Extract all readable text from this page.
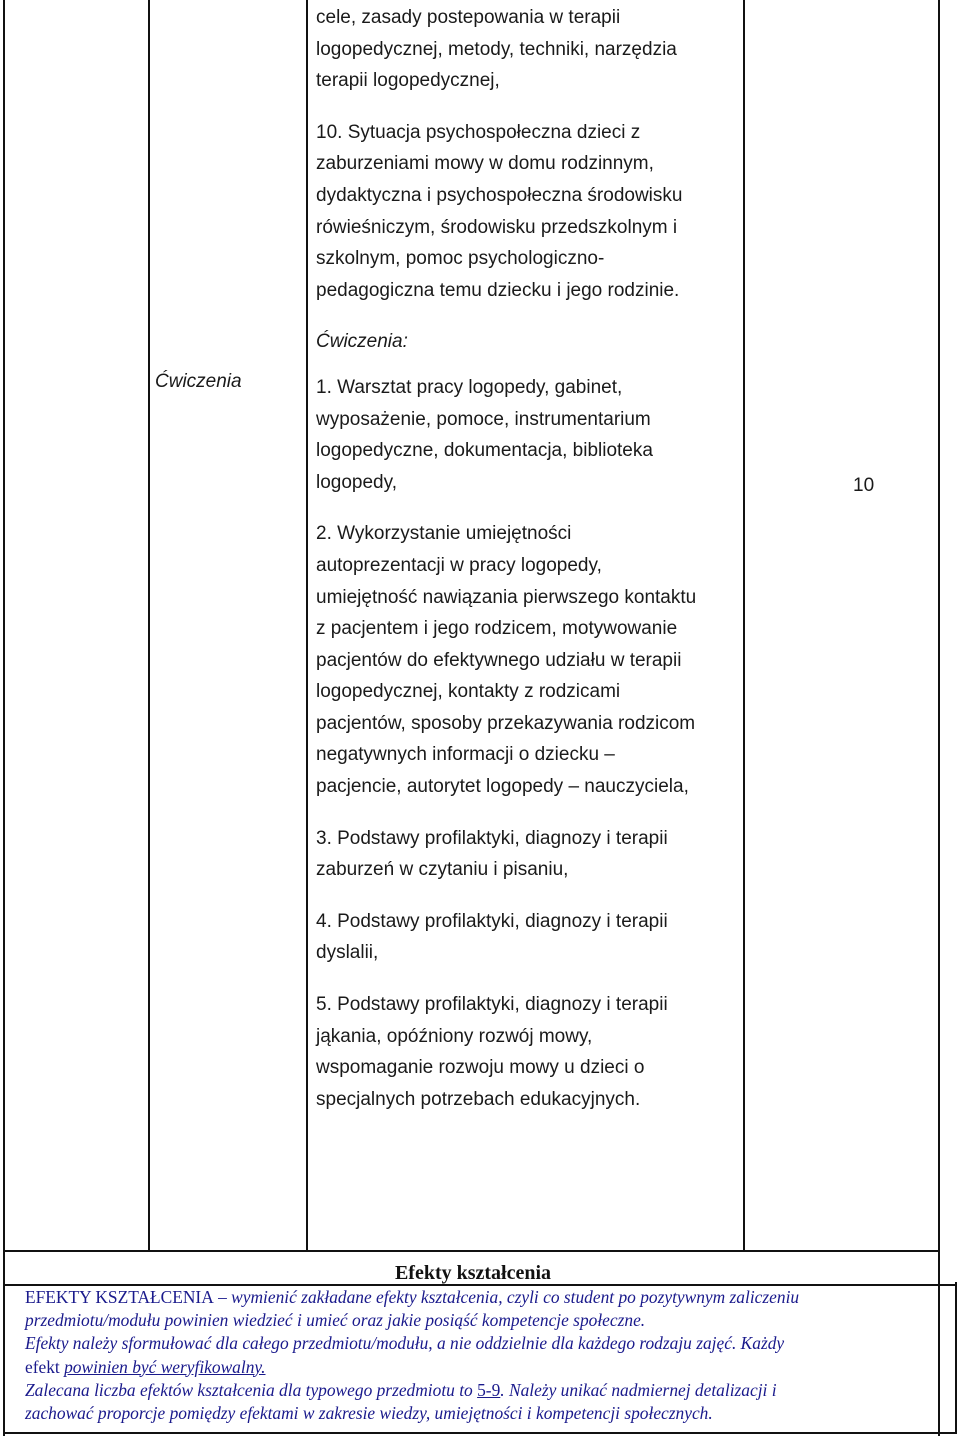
Ćwiczenia

cele, zasady postepowania w terapii
logopedycznej, metody, techniki, narzędzia
terapii logopedycznej,

10. Sytuacja psychospołeczna dzieci z
zaburzeniami mowy w domu rodzinnym,
dydaktyczna i psychospołeczna środowisku
rówieśniczym, środowisku przedszkolnym i
szkolnym, pomoc psychologiczno-
pedagogiczna temu dziecku i jego rodzinie.

Ćwiczenia:

1. Warsztat pracy logopedy, gabinet,
wyposażenie, pomoce, instrumentarium
logopedyczne, dokumentacja, biblioteka
logopedy,

2. Wykorzystanie umiejętności
autoprezentacji w pracy logopedy,
umiejętność nawiązania pierwszego kontaktu
z pacjentem i jego rodzicem, motywowanie
pacjentów do efektywnego udziału w terapii
logopedycznej, kontakty z rodzicami
pacjentów, sposoby przekazywania rodzicom
negatywnych informacji o dziecku –
pacjencie, autorytet logopedy – nauczyciela,

3. Podstawy profilaktyki, diagnozy i terapii
zaburzeń w czytaniu i pisaniu,

4. Podstawy profilaktyki, diagnozy i terapii
dyslalii,

5. Podstawy profilaktyki, diagnozy i terapii
jąkania, opóźniony rozwój mowy,
wspomaganie rozwoju mowy u dzieci o
specjalnych potrzebach edukacyjnych.

10
Efekty kształcenia
EFEKTY KSZTAŁCENIA – wymienić zakładane efekty kształcenia, czyli co student po pozytywnym zaliczeniu
przedmiotu/modułu powinien wiedzieć i umieć oraz jakie posiąść kompetencje społeczne.
Efekty należy sformułować dla całego przedmiotu/modułu, a nie oddzielnie dla każdego rodzaju zajęć. Każdy
efekt powinien być weryfikowalny.
Zalecana liczba efektów kształcenia dla typowego przedmiotu to 5-9. Należy unikać nadmiernej detalizacji i
zachować proporcje pomiędzy efektami w zakresie wiedzy, umiejętności i kompetencji społecznych.
